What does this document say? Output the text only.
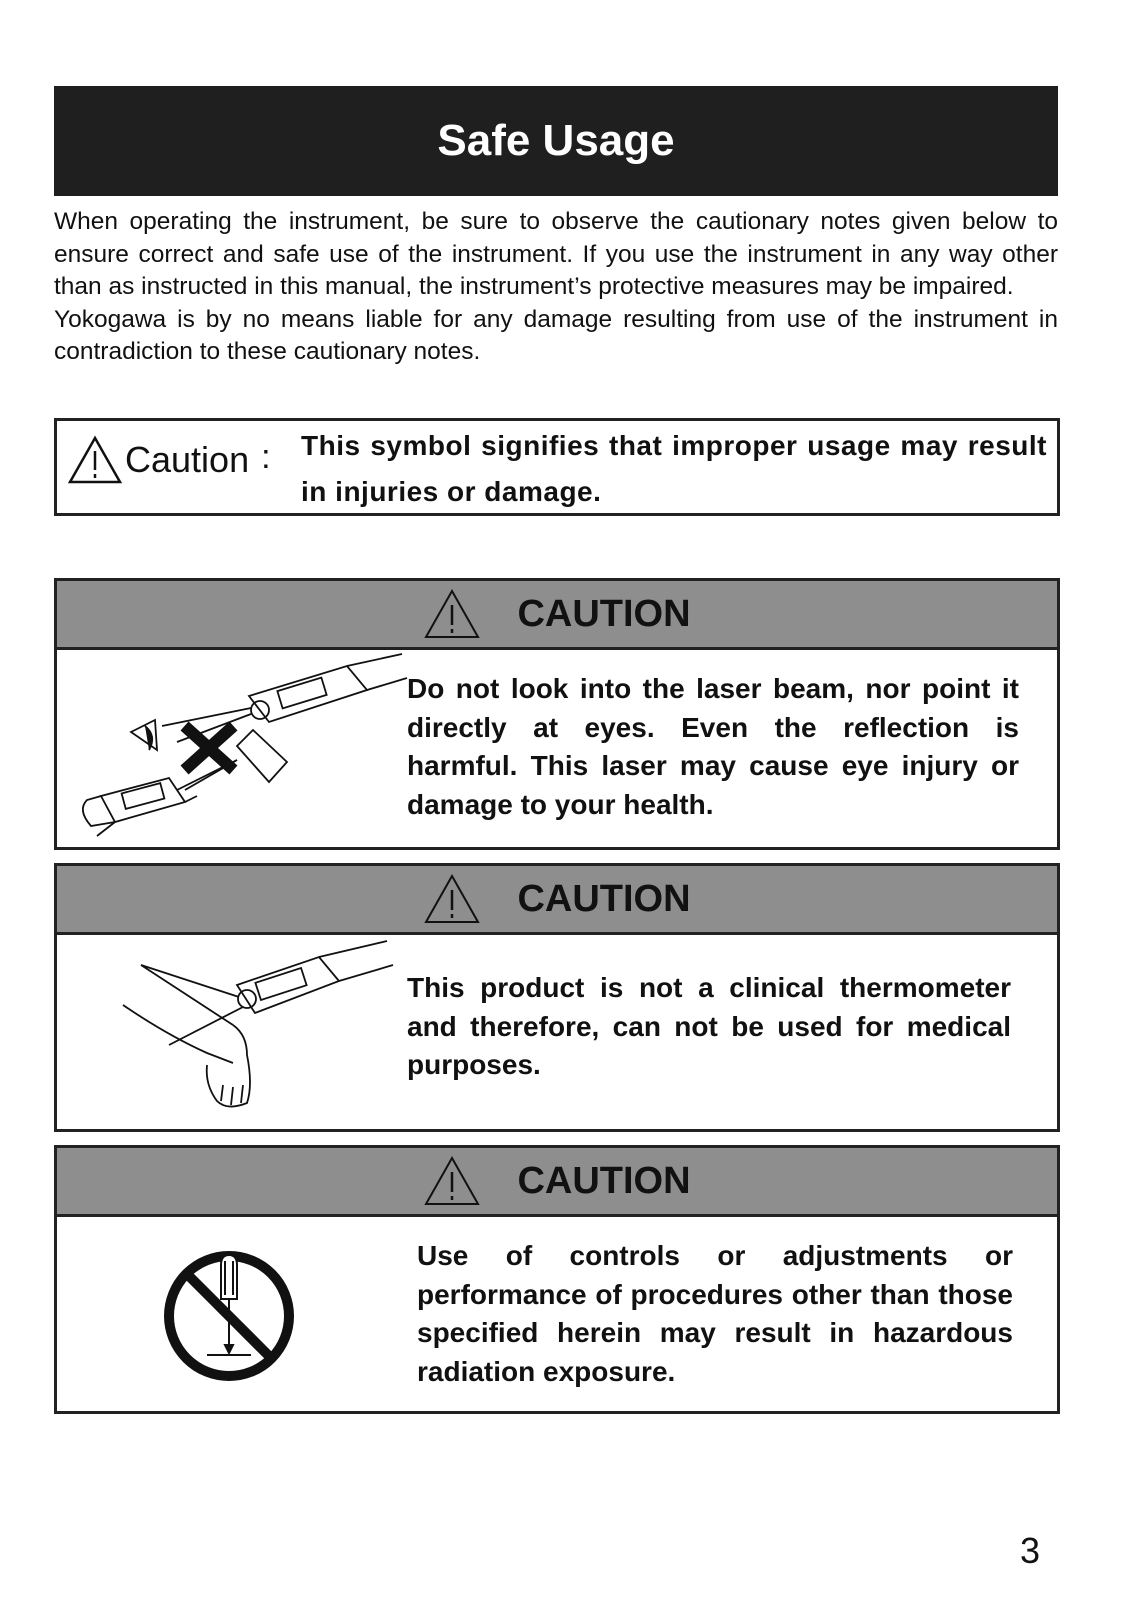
Safe Usage

When operating the instrument, be sure to observe the cautionary notes given below to ensure correct and safe use of the instrument. If you use the instrument in any way other than as instructed in this manual, the instrument’s protective measures may be impaired.

Yokogawa is by no means liable for any damage resulting from use of the instrument in contradiction to these cautionary notes.

Caution : This symbol signifies that improper usage may result in injuries or damage.
CAUTION
Do not look into the laser beam, nor point it directly at eyes. Even the reflection is harmful. This laser may cause eye injury or damage to your health.
CAUTION
This product is not a clinical thermometer and therefore, can not be used for medical purposes.
CAUTION
Use of controls or adjustments or performance of procedures other than those specified herein may result in hazardous radiation exposure.
3
